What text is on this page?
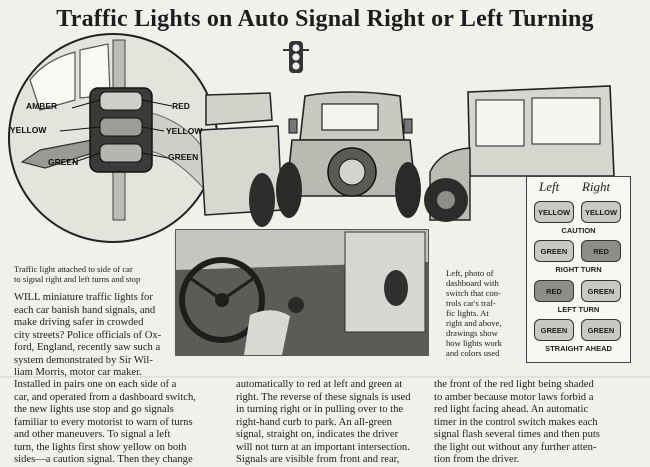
Traffic Lights on Auto Signal Right or Left Turning
AMBER
YELLOW
GREEN
RED
YELLOW
GREEN
Traffic light attached to side of car
to signal right and left turns and stop
Left, photo of
dashboard with
switch that con-
trols car's traf-
fic lights. At
right and above,
drawings show
how lights work
and colors used
Left Right
YELLOW	YELLOW
CAUTION
GREEN	RED
RIGHT TURN
RED	GREEN
LEFT TURN
GREEN	GREEN
STRAIGHT AHEAD
WILL miniature traffic lights for
each car banish hand signals, and
make driving safer in crowded
city streets? Police officials of Ox-
ford, England, recently saw such a
system demonstrated by Sir Wil-
liam Morris, motor car maker.
Installed in pairs one on each side of a
car, and operated from a dashboard switch,
the new lights use stop and go signals
familiar to every motorist to warn of turns
and other maneuvers. To signal a left
turn, the lights first show yellow on both
sides—a caution signal. Then they change
automatically to red at left and green at
right. The reverse of these signals is used
in turning right or in pulling over to the
right-hand curb to park. An all-green
signal, straight on, indicates the driver
will not turn at an important intersection.
Signals are visible from front and rear,
the front of the red light being shaded
to amber because motor laws forbid a
red light facing ahead. An automatic
timer in the control switch makes each
signal flash several times and then puts
the light out without any further atten-
tion from the driver.
